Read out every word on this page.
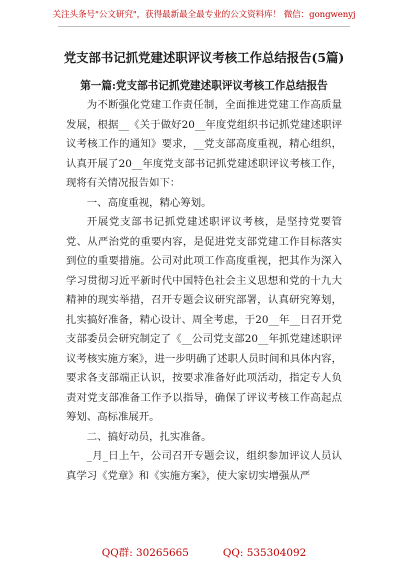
关注头条号"公文研究"，获得最新最全最专业的公文资料库！ 微信：gongwenyj
党支部书记抓党建述职评议考核工作总结报告(5篇)
第一篇:党支部书记抓党建述职评议考核工作总结报告

为不断强化党建工作责任制，全面推进党建工作高质量发展，根据__《关于做好20__年度党组织书记抓党建述职评议考核工作的通知》要求，__党支部高度重视，精心组织，认真开展了20__年度党支部书记抓党建述职评议考核工作，现将有关情况报告如下：

一、高度重视，精心筹划。

开展党支部书记抓党建述职评议考核，是坚持党要管党、从严治党的重要内容，是促进党支部党建工作目标落实到位的重要措施。公司对此项工作高度重视，把其作为深入学习贯彻习近平新时代中国特色社会主义思想和党的十九大精神的现实举措，召开专题会议研究部署，认真研究筹划，扎实搞好准备，精心设计、周全考虑，于20__年__日召开党支部委员会研究制定了《__公司党支部20__年抓党建述职评议考核实施方案》，进一步明确了述职人员时间和具体内容，要求各支部端正认识，按要求准备好此项活动，指定专人负责对党支部准备工作予以指导，确保了评议考核工作高起点筹划、高标准展开。

二、搞好动员，扎实准备。

_月_日上午，公司召开专题会议，组织参加评议人员认真学习《党章》和《实施方案》，使大家切实增强从严

QQ群: 30265665	QQ: 535304092
